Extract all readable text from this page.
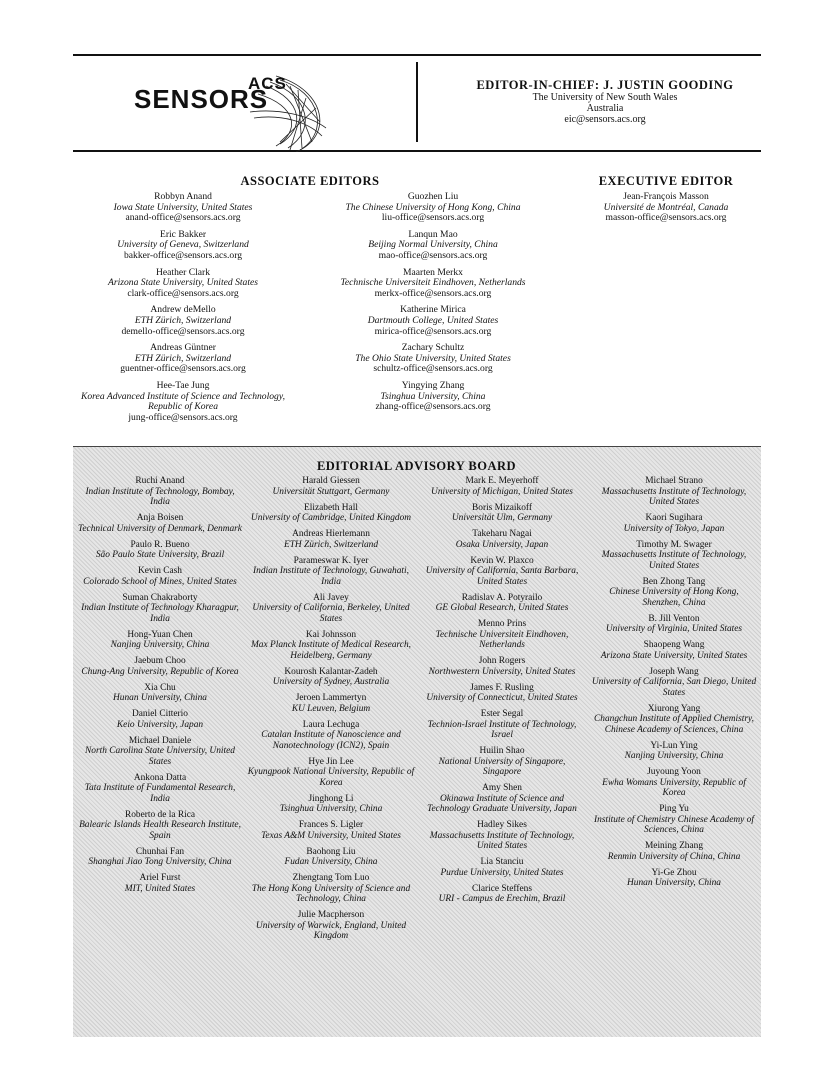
ACS
SENSORS	EDITOR-IN-CHIEF: J. JUSTIN GOODING
The University of New South Wales
Australia
eic@sensors.acs.org
ASSOCIATE EDITORS
Robbyn Anand
Iowa State University, United States
anand-office@sensors.acs.org
Eric Bakker
University of Geneva, Switzerland
bakker-office@sensors.acs.org
Heather Clark
Arizona State University, United States
clark-office@sensors.acs.org
Andrew deMello
ETH Zürich, Switzerland
demello-office@sensors.acs.org
Andreas Güntner
ETH Zürich, Switzerland
guentner-office@sensors.acs.org
Hee-Tae Jung
Korea Advanced Institute of Science and Technology, Republic of Korea
jung-office@sensors.acs.org
Guozhen Liu
The Chinese University of Hong Kong, China
liu-office@sensors.acs.org
Lanqun Mao
Beijing Normal University, China
mao-office@sensors.acs.org
Maarten Merkx
Technische Universiteit Eindhoven, Netherlands
merkx-office@sensors.acs.org
Katherine Mirica
Dartmouth College, United States
mirica-office@sensors.acs.org
Zachary Schultz
The Ohio State University, United States
schultz-office@sensors.acs.org
Yingying Zhang
Tsinghua University, China
zhang-office@sensors.acs.org
EXECUTIVE EDITOR
Jean-François Masson
Université de Montréal, Canada
masson-office@sensors.acs.org
EDITORIAL ADVISORY BOARD
Ruchi Anand
Indian Institute of Technology, Bombay, India
Anja Boisen
Technical University of Denmark, Denmark
Paulo R. Bueno
São Paulo State University, Brazil
Kevin Cash
Colorado School of Mines, United States
Suman Chakraborty
Indian Institute of Technology Kharagpur, India
Hong-Yuan Chen
Nanjing University, China
Jaebum Choo
Chung-Ang University, Republic of Korea
Xia Chu
Hunan University, China
Daniel Citterio
Keio University, Japan
Michael Daniele
North Carolina State University, United States
Ankona Datta
Tata Institute of Fundamental Research, India
Roberto de la Rica
Balearic Islands Health Research Institute, Spain
Chunhai Fan
Shanghai Jiao Tong University, China
Ariel Furst
MIT, United States
Harald Giessen
Universität Stuttgart, Germany
Elizabeth Hall
University of Cambridge, United Kingdom
Andreas Hierlemann
ETH Zürich, Switzerland
Parameswar K. Iyer
Indian Institute of Technology, Guwahati, India
Ali Javey
University of California, Berkeley, United States
Kai Johnsson
Max Planck Institute of Medical Research, Heidelberg, Germany
Kourosh Kalantar-Zadeh
University of Sydney, Australia
Jeroen Lammertyn
KU Leuven, Belgium
Laura Lechuga
Catalan Institute of Nanoscience and Nanotechnology (ICN2), Spain
Hye Jin Lee
Kyungpook National University, Republic of Korea
Jinghong Li
Tsinghua University, China
Frances S. Ligler
Texas A&M University, United States
Baohong Liu
Fudan University, China
Zhengtang Tom Luo
The Hong Kong University of Science and Technology, China
Julie Macpherson
University of Warwick, England, United Kingdom
Mark E. Meyerhoff
University of Michigan, United States
Boris Mizaikoff
Universität Ulm, Germany
Takeharu Nagai
Osaka University, Japan
Kevin W. Plaxco
University of California, Santa Barbara, United States
Radislav A. Potyrailo
GE Global Research, United States
Menno Prins
Technische Universiteit Eindhoven, Netherlands
John Rogers
Northwestern University, United States
James F. Rusling
University of Connecticut, United States
Ester Segal
Technion-Israel Institute of Technology, Israel
Huilin Shao
National University of Singapore, Singapore
Amy Shen
Okinawa Institute of Science and Technology Graduate University, Japan
Hadley Sikes
Massachusetts Institute of Technology, United States
Lia Stanciu
Purdue University, United States
Clarice Steffens
URI - Campus de Erechim, Brazil
Michael Strano
Massachusetts Institute of Technology, United States
Kaori Sugihara
University of Tokyo, Japan
Timothy M. Swager
Massachusetts Institute of Technology, United States
Ben Zhong Tang
Chinese University of Hong Kong, Shenzhen, China
B. Jill Venton
University of Virginia, United States
Shaopeng Wang
Arizona State University, United States
Joseph Wang
University of California, San Diego, United States
Xiurong Yang
Changchun Institute of Applied Chemistry, Chinese Academy of Sciences, China
Yi-Lun Ying
Nanjing University, China
Juyoung Yoon
Ewha Womans University, Republic of Korea
Ping Yu
Institute of Chemistry Chinese Academy of Sciences, China
Meining Zhang
Renmin University of China, China
Yi-Ge Zhou
Hunan University, China
